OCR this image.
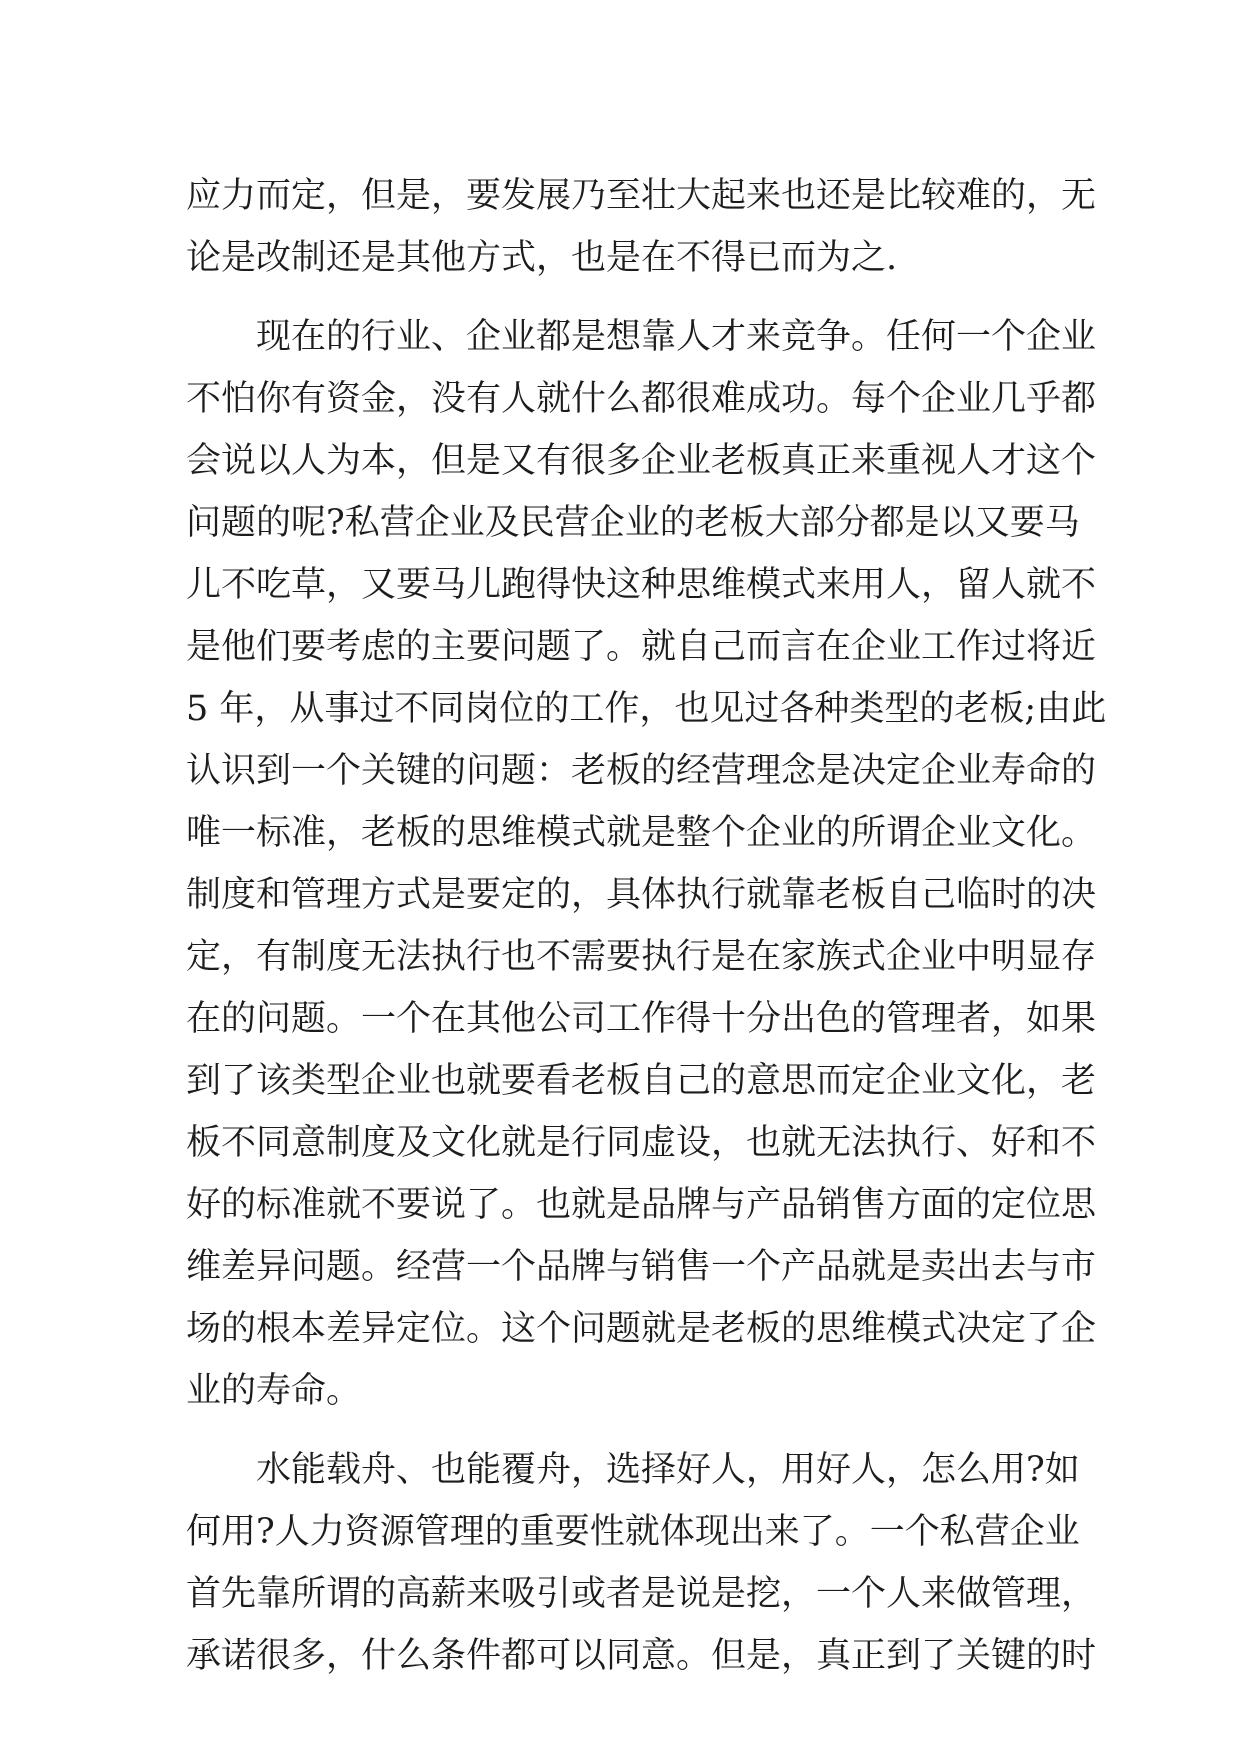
应力而定，但是，要发展乃至壮大起来也还是比较难的，无
论是改制还是其他方式，也是在不得已而为之.
　　现在的行业、企业都是想靠人才来竞争。任何一个企业
不怕你有资金，没有人就什么都很难成功。每个企业几乎都
会说以人为本，但是又有很多企业老板真正来重视人才这个
问题的呢?私营企业及民营企业的老板大部分都是以又要马
儿不吃草，又要马儿跑得快这种思维模式来用人，留人就不
是他们要考虑的主要问题了。就自己而言在企业工作过将近
5 年，从事过不同岗位的工作，也见过各种类型的老板;由此
认识到一个关键的问题：老板的经营理念是决定企业寿命的
唯一标准，老板的思维模式就是整个企业的所谓企业文化。
制度和管理方式是要定的，具体执行就靠老板自己临时的决
定，有制度无法执行也不需要执行是在家族式企业中明显存
在的问题。一个在其他公司工作得十分出色的管理者，如果
到了该类型企业也就要看老板自己的意思而定企业文化，老
板不同意制度及文化就是行同虚设，也就无法执行、好和不
好的标准就不要说了。也就是品牌与产品销售方面的定位思
维差异问题。经营一个品牌与销售一个产品就是卖出去与市
场的根本差异定位。这个问题就是老板的思维模式决定了企
业的寿命。
　　水能载舟、也能覆舟，选择好人，用好人，怎么用?如
何用?人力资源管理的重要性就体现出来了。一个私营企业
首先靠所谓的高薪来吸引或者是说是挖，一个人来做管理，
承诺很多，什么条件都可以同意。但是，真正到了关键的时
